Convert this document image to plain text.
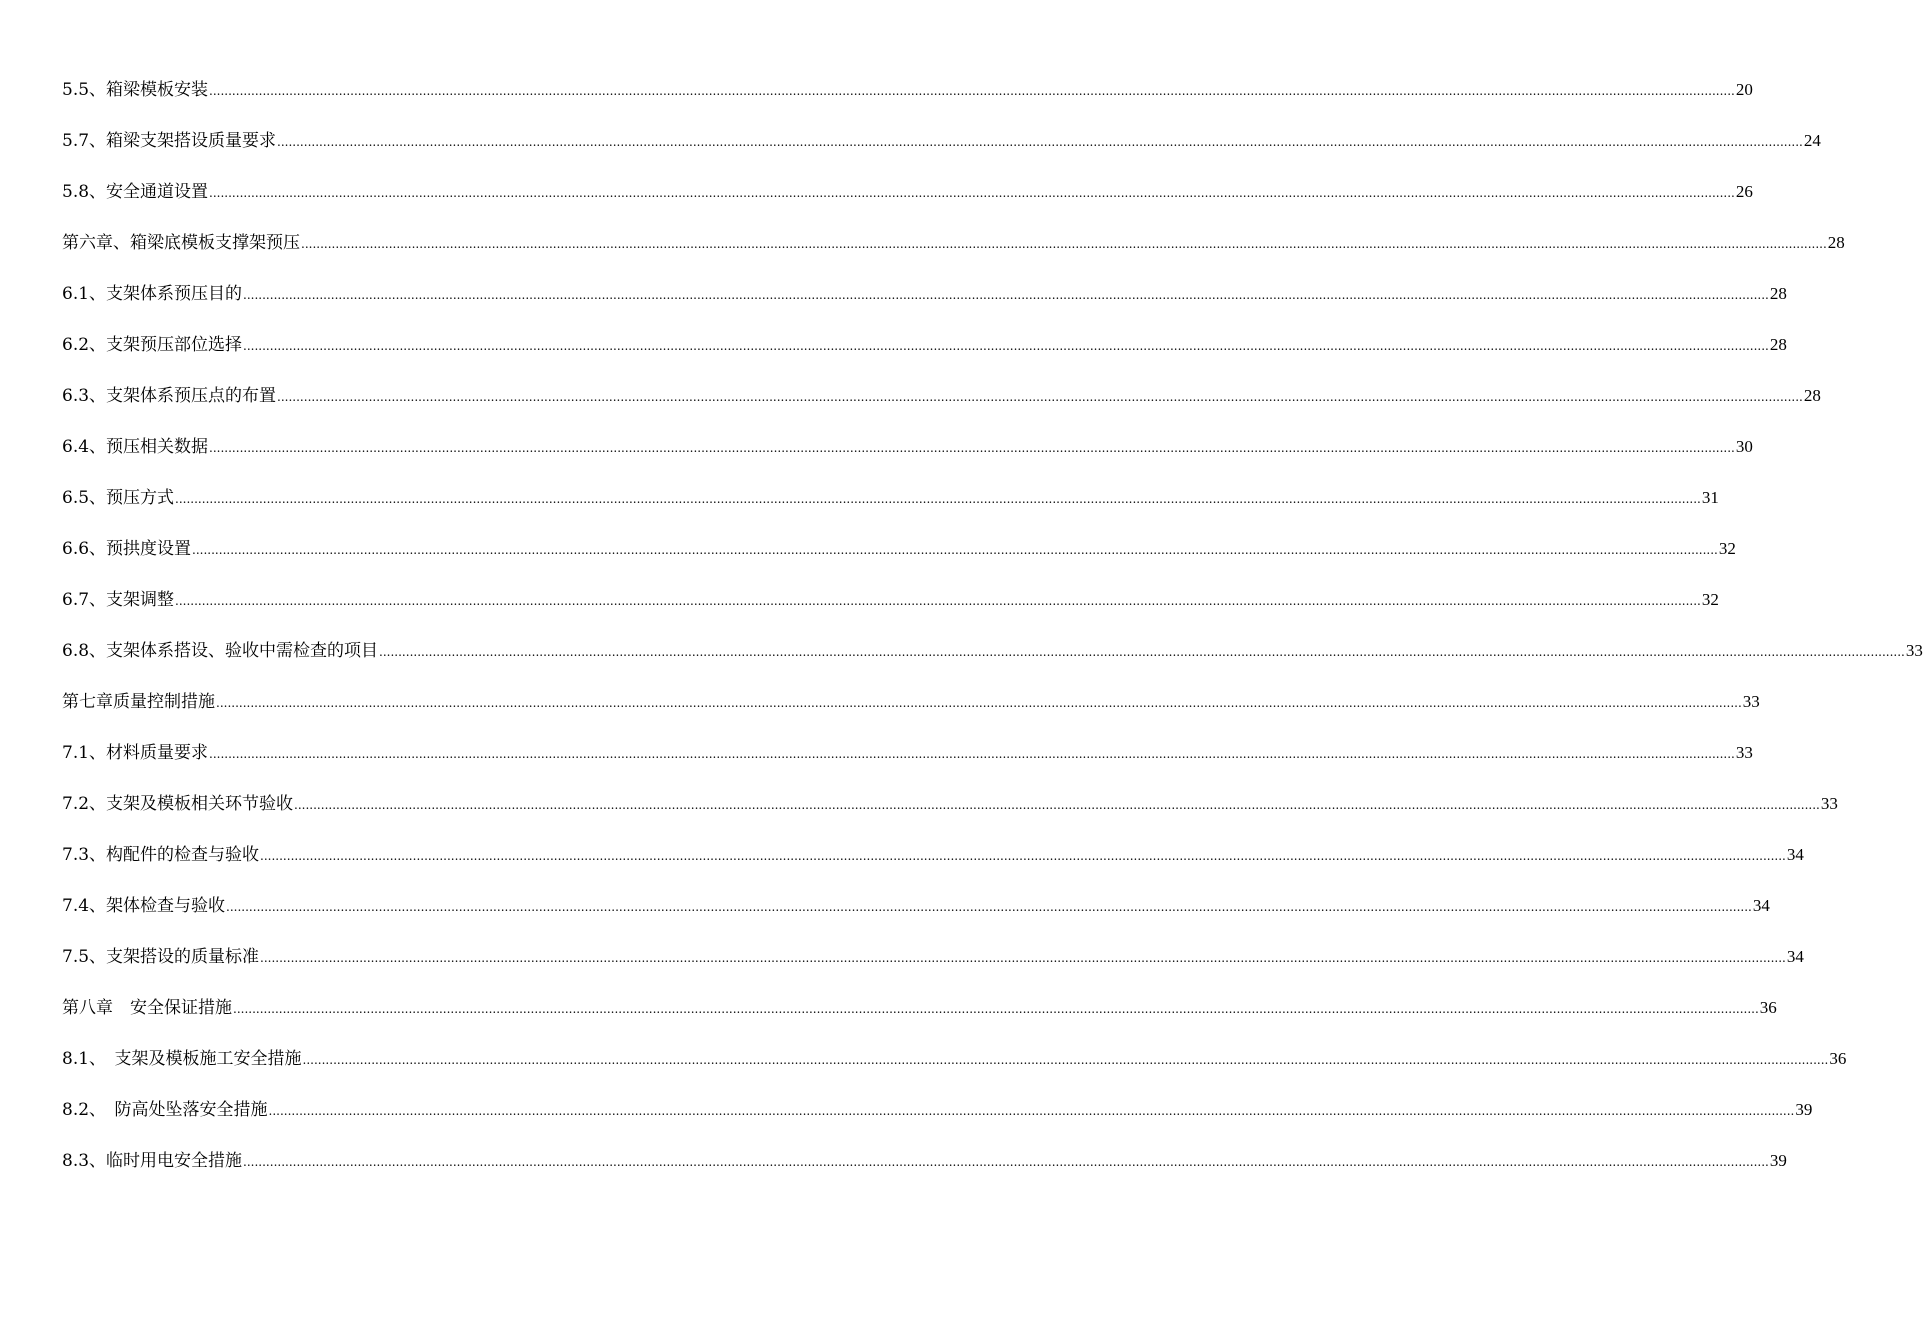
5.5、箱梁模板安装 ................................................................................................................................................................................................................................................................................................................................................................................................................ 20
5.7、箱梁支架搭设质量要求 ................................................................................................................................................................................................................................................................................................................................................................................................................ 24
5.8、安全通道设置 ................................................................................................................................................................................................................................................................................................................................................................................................................ 26
第六章、箱梁底模板支撑架预压 ................................................................................................................................................................................................................................................................................................................................................................................................................ 28
6.1、支架体系预压目的 ................................................................................................................................................................................................................................................................................................................................................................................................................ 28
6.2、支架预压部位选择 ................................................................................................................................................................................................................................................................................................................................................................................................................ 28
6.3、支架体系预压点的布置 ................................................................................................................................................................................................................................................................................................................................................................................................................ 28
6.4、预压相关数据 ................................................................................................................................................................................................................................................................................................................................................................................................................ 30
6.5、预压方式 ................................................................................................................................................................................................................................................................................................................................................................................................................ 31
6.6、预拱度设置 ................................................................................................................................................................................................................................................................................................................................................................................................................ 32
6.7、支架调整 ................................................................................................................................................................................................................................................................................................................................................................................................................ 32
6.8、支架体系搭设、验收中需检查的项目 ................................................................................................................................................................................................................................................................................................................................................................................................................ 33
第七章质量控制措施 ................................................................................................................................................................................................................................................................................................................................................................................................................ 33
7.1、材料质量要求 ................................................................................................................................................................................................................................................................................................................................................................................................................ 33
7.2、支架及模板相关环节验收 ................................................................................................................................................................................................................................................................................................................................................................................................................ 33
7.3、构配件的检查与验收 ................................................................................................................................................................................................................................................................................................................................................................................................................ 34
7.4、架体检查与验收 ................................................................................................................................................................................................................................................................................................................................................................................................................ 34
7.5、支架搭设的质量标准 ................................................................................................................................................................................................................................................................................................................................................................................................................ 34
第八章　安全保证措施 ................................................................................................................................................................................................................................................................................................................................................................................................................ 36
8.1、　支架及模板施工安全措施 ................................................................................................................................................................................................................................................................................................................................................................................................................ 36
8.2、　防高处坠落安全措施 ................................................................................................................................................................................................................................................................................................................................................................................................................ 39
8.3、临时用电安全措施 ................................................................................................................................................................................................................................................................................................................................................................................................................ 39
